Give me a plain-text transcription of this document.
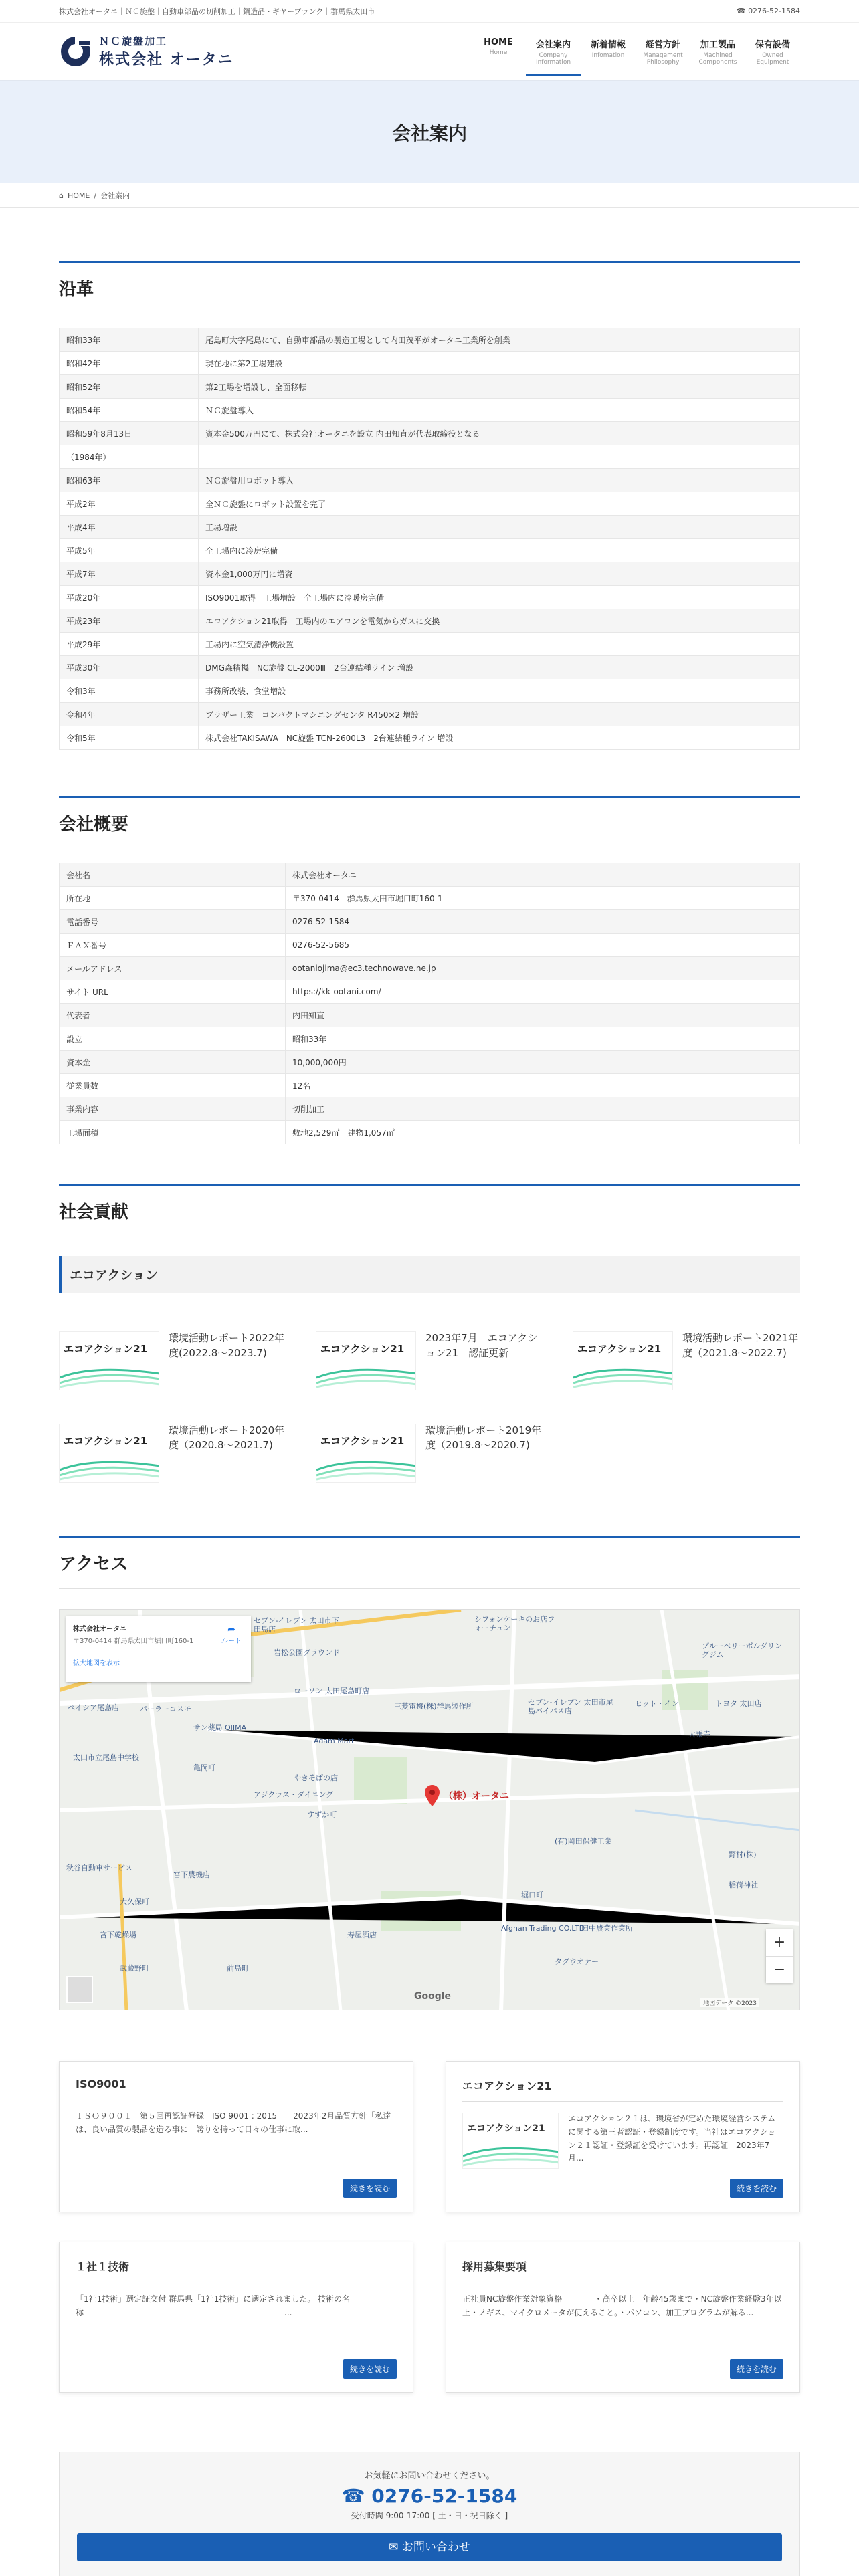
株式会社オータニ｜ＮＣ旋盤｜自動車部品の切削加工｜鋼造品・ギヤーブランク｜群馬県太田市	☎ 0276-52-1584
ＮＣ旋盤加工
株式会社 オータニ
HOME
Home
会社案内
Company Information
新着情報
Infomation
経営方針
Management Philosophy
加工製品
Machined Components
保有設備
Owned Equipment
会社案内
⌂ HOME / 会社案内
沿革
昭和33年	尾島町大字尾島にて、自動車部品の製造工場として内田茂平がオータニ工業所を創業
昭和42年	現在地に第2工場建設
昭和52年	第2工場を増設し、全面移転
昭和54年	ＮＣ旋盤導入
昭和59年8月13日	資本金500万円にて、株式会社オータニを設立 内田知直が代表取締役となる
（1984年）	
昭和63年	ＮＣ旋盤用ロボット導入
平成2年	全ＮＣ旋盤にロボット設置を完了
平成4年	工場増設
平成5年	全工場内に冷房完備
平成7年	資本金1,000万円に増資
平成20年	ISO9001取得　工場増設　全工場内に冷暖房完備
平成23年	エコアクション21取得　工場内のエアコンを電気からガスに交換
平成29年	工場内に空気清浄機設置
平成30年	DMG森精機　NC旋盤 CL-2000Ⅲ　2台連結種ライン 増設
令和3年	事務所改装、食堂増設
令和4年	ブラザー工業　コンパクトマシニングセンタ R450×2 増設
令和5年	株式会社TAKISAWA　NC旋盤 TCN-2600L3　2台連結種ライン 増設
会社概要
会社名	株式会社オータニ
所在地	〒370-0414　群馬県太田市堀口町160-1
電話番号	0276-52-1584
ＦＡＸ番号	0276-52-5685
メールアドレス	ootaniojima@ec3.technowave.ne.jp
サイト URL	https://kk-ootani.com/
代表者	内田知直
設立	昭和33年
資本金	10,000,000円
従業員数	12名
事業内容	切削加工
工場面積	敷地2,529㎡　建物1,057㎡
社会貢献
エコアクション
エコアクション21
環境活動レポート2022年度(2022.8～2023.7)	エコアクション21
2023年7月　エコアクション21　認証更新	エコアクション21
環境活動レポート2021年度（2021.8～2022.7)
エコアクション21
環境活動レポート2020年度（2020.8～2021.7)	エコアクション21
環境活動レポート2019年度（2019.8～2020.7)
アクセス
セブン-イレブン 太田市下田島店
シフォンケーキのお店フォーチュン
岩松公園グラウンド
ローソン 太田尾島町店
ベイシア尾島店	パーラーコスモ	三菱電機(株)群馬製作所	セブン-イレブン 太田市尾島バイパス店
ヒット・イン	トヨタ 太田店
大乗寺
ブルーベリーボルダリングジム
サン薬局 OJIMA
Adam Mart
太田市立尾島中学校
亀岡町
やきそばの店
アジクラス・ダイニング
すずか町
(有)岡田保健工業
秋谷自動車サービス
宮下農機店
堀口町
野村(株)
稲荷神社
Afghan Trading CO.LTD
田中農業作業所
寿屋酒店
タグウオテー
大久保町
宮下乾燥場
武蔵野町	前島町
（株）オータニ
株式会社オータニ
〒370-0414 群馬県太田市堀口町160-1
拡大地図を表示
➦
ルート
+
−
Google
地図データ ©2023
ISO9001

ＩＳＯ９００１　第５回再認証登録　ISO 9001 : 2015　　2023年2月品質方針「私達は、良い品質の製品を造る事に　誇りを持って日々の仕事に取...

続きを読む
エコアクション21
エコアクション21

エコアクション２１は、環境省が定めた環境経営システムに関する第三者認証・登録制度です。当社はエコアクション２１認証・登録証を受けています。再認証　2023年7月...

続きを読む
１社１技術

「1社1技術」選定証交付 群馬県「1社1技術」に選定されました。 技術の名称　　　　　　　　　　　　　　　　　　　　　　　　　...

続きを読む
採用募集要項

正社員NC旋盤作業対象資格　　　　・高卒以上　年齢45歳まで・NC旋盤作業経験3年以上・ノギス、マイクロメータが使えること。・パソコン、加工プログラムが解る...

続きを読む
お気軽にお問い合わせください。
☎ 0276-52-1584
受付時間 9:00-17:00 [ 土・日・祝日除く ]
✉ お問い合わせ
